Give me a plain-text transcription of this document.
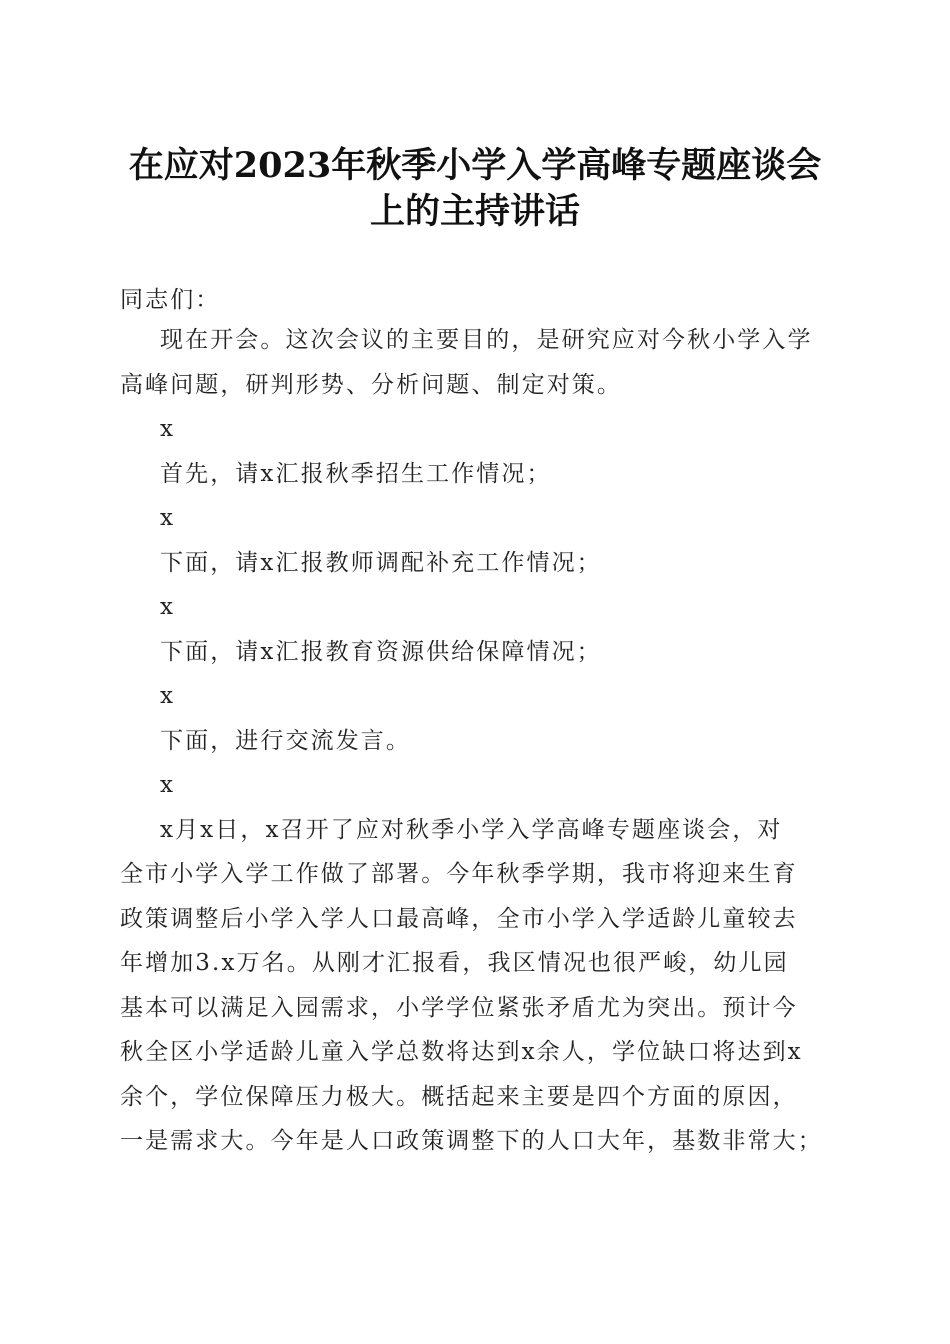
在应对2023年秋季小学入学高峰专题座谈会
上的主持讲话
同志们：

现在开会。这次会议的主要目的，是研究应对今秋小学入学

高峰问题，研判形势、分析问题、制定对策。

x

首先，请x汇报秋季招生工作情况；

x

下面，请x汇报教师调配补充工作情况；

x

下面，请x汇报教育资源供给保障情况；

x

下面，进行交流发言。

x

x月x日，x召开了应对秋季小学入学高峰专题座谈会，对

全市小学入学工作做了部署。今年秋季学期，我市将迎来生育

政策调整后小学入学人口最高峰，全市小学入学适龄儿童较去

年增加3.x万名。从刚才汇报看，我区情况也很严峻，幼儿园

基本可以满足入园需求，小学学位紧张矛盾尤为突出。预计今

秋全区小学适龄儿童入学总数将达到x余人，学位缺口将达到x

余个，学位保障压力极大。概括起来主要是四个方面的原因，

一是需求大。今年是人口政策调整下的人口大年，基数非常大；
